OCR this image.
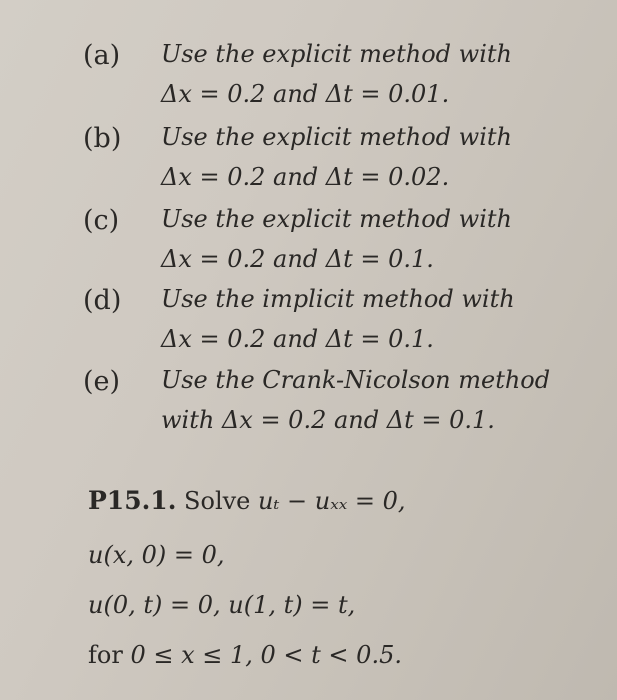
(a) Use the explicit method with
Δx = 0.2 and Δt = 0.01.
(b) Use the explicit method with
Δx = 0.2 and Δt = 0.02.
(c) Use the explicit method with
Δx = 0.2 and Δt = 0.1.
(d) Use the implicit method with
Δx = 0.2 and Δt = 0.1.
(e) Use the Crank-Nicolson method
with Δx = 0.2 and Δt = 0.1.
P15.1. Solve uₜ − uₓₓ = 0,
u(x, 0) = 0,
u(0, t) = 0, u(1, t) = t,
for 0 ≤ x ≤ 1, 0 < t < 0.5.
